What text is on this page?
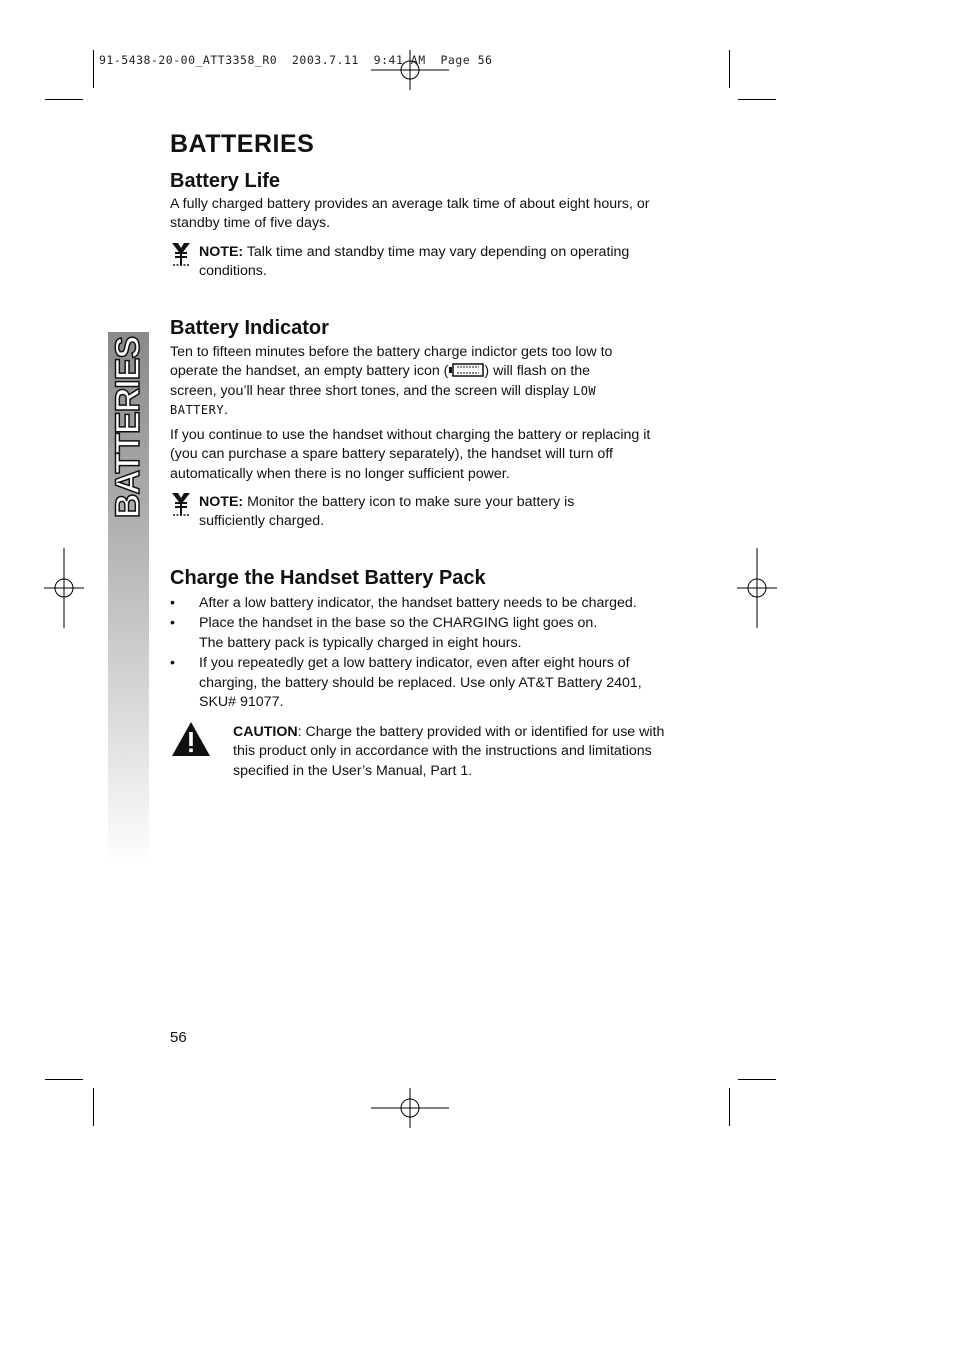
91-5438-20-00_ATT3358_R0  2003.7.11  9:41 AM  Page 56
BATTERIES
BATTERIES
Battery Life
A fully charged battery provides an average talk time of about eight hours, or standby time of five days.
NOTE: Talk time and standby time may vary depending on operating conditions.
Battery Indicator
Ten to fifteen minutes before the battery charge indictor gets too low to operate the handset, an empty battery icon (	) will flash on the screen, you’ll hear three short tones, and the screen will display LOW BATTERY.
If you continue to use the handset without charging the battery or replacing it (you can purchase a spare battery separately), the handset will turn off automatically when there is no longer sufficient power.
NOTE: Monitor the battery icon to make sure your battery is sufficiently charged.
Charge the Handset Battery Pack
• After a low battery indicator, the handset battery needs to be charged.
• Place the handset in the base so the CHARGING light goes on.
The battery pack is typically charged in eight hours.
• If you repeatedly get a low battery indicator, even after eight hours of charging, the battery should be replaced. Use only AT&T Battery 2401, SKU# 91077.
CAUTION: Charge the battery provided with or identified for use with this product only in accordance with the instructions and limitations specified in the User’s Manual, Part 1.
56
